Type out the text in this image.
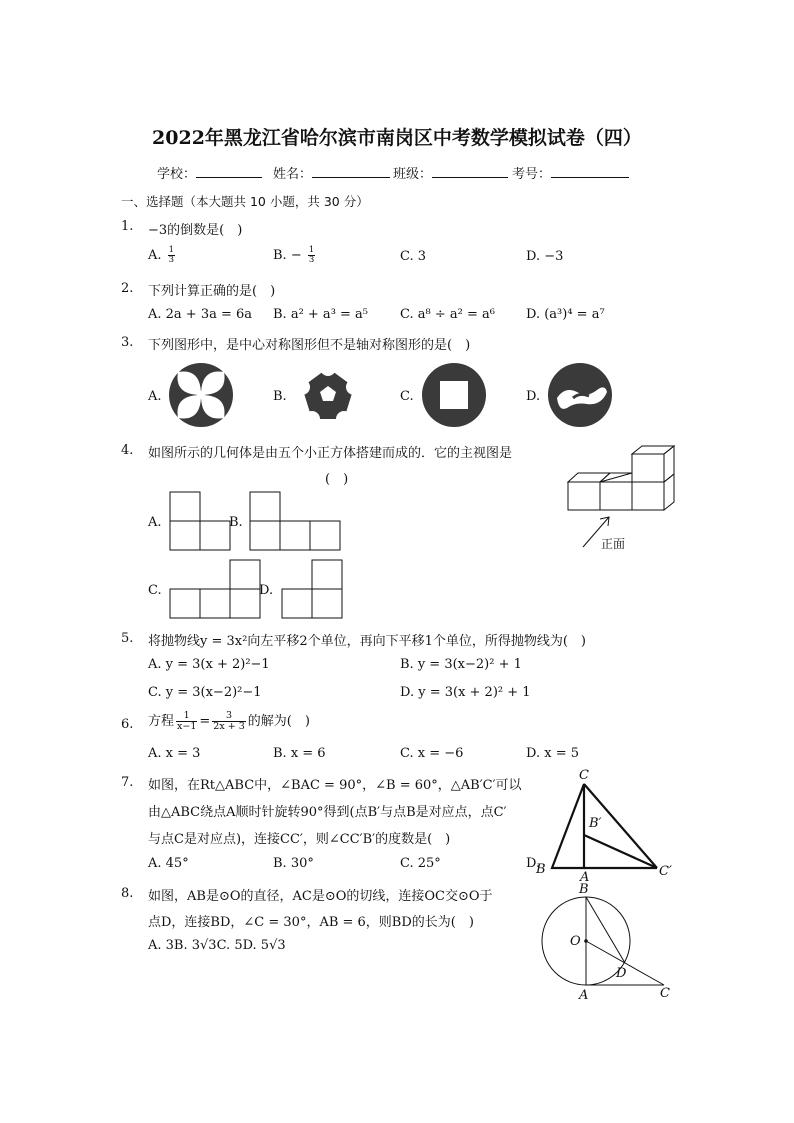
2022年黑龙江省哈尔滨市南岗区中考数学模拟试卷（四）
学校：	姓名：	班级：	考号：
一、选择题（本大题共 10 小题，共 30 分）
1. −3的倒数是(　)
A. $\frac{1}{3}$	B. − $\frac{1}{3}$	C. 3	D. −3
2. 下列计算正确的是(　)
A. 2a + 3a = 6a B. a² + a³ = a⁵ C. a⁸ ÷ a² = a⁶ D. (a³)⁴ = a⁷
3. 下列图形中，是中心对称图形但不是轴对称图形的是(　)
A.	B.	C.	D.
4. 如图所示的几何体是由五个小正方体搭建而成的．它的主视图是
(　)
正面
A.	B.
C.	D.
5. 将抛物线y = 3x²向左平移2个单位，再向下平移1个单位，所得抛物线为(　)
A. y = 3(x + 2)²−1	B. y = 3(x−2)² + 1
C. y = 3(x−2)²−1	D. y = 3(x + 2)² + 1
6. 方程 $\frac{1}{x-1} = \frac{3}{2x + 3}$ 的解为(　)
A. x = 3	B. x = 6	C. x = −6	D. x = 5
7. 如图，在Rt△ABC中，∠BAC = 90°，∠B = 60°，△AB′C′可以
由△ABC绕点A顺时针旋转90°得到(点B′与点B是对应点，点C′
与点C是对应点)，连接CC′，则∠CC′B′的度数是(　)
A. 45°	B. 30°	C. 25°	D.
C
B′
B
A	C′
8. 如图，AB是⊙O的直径，AC是⊙O的切线，连接OC交⊙O于
点D，连接BD，∠C = 30°，AB = 6，则BD的长为(　)
A. 3B. 3√3C. 5D. 5√3
B
O
D
A	C
